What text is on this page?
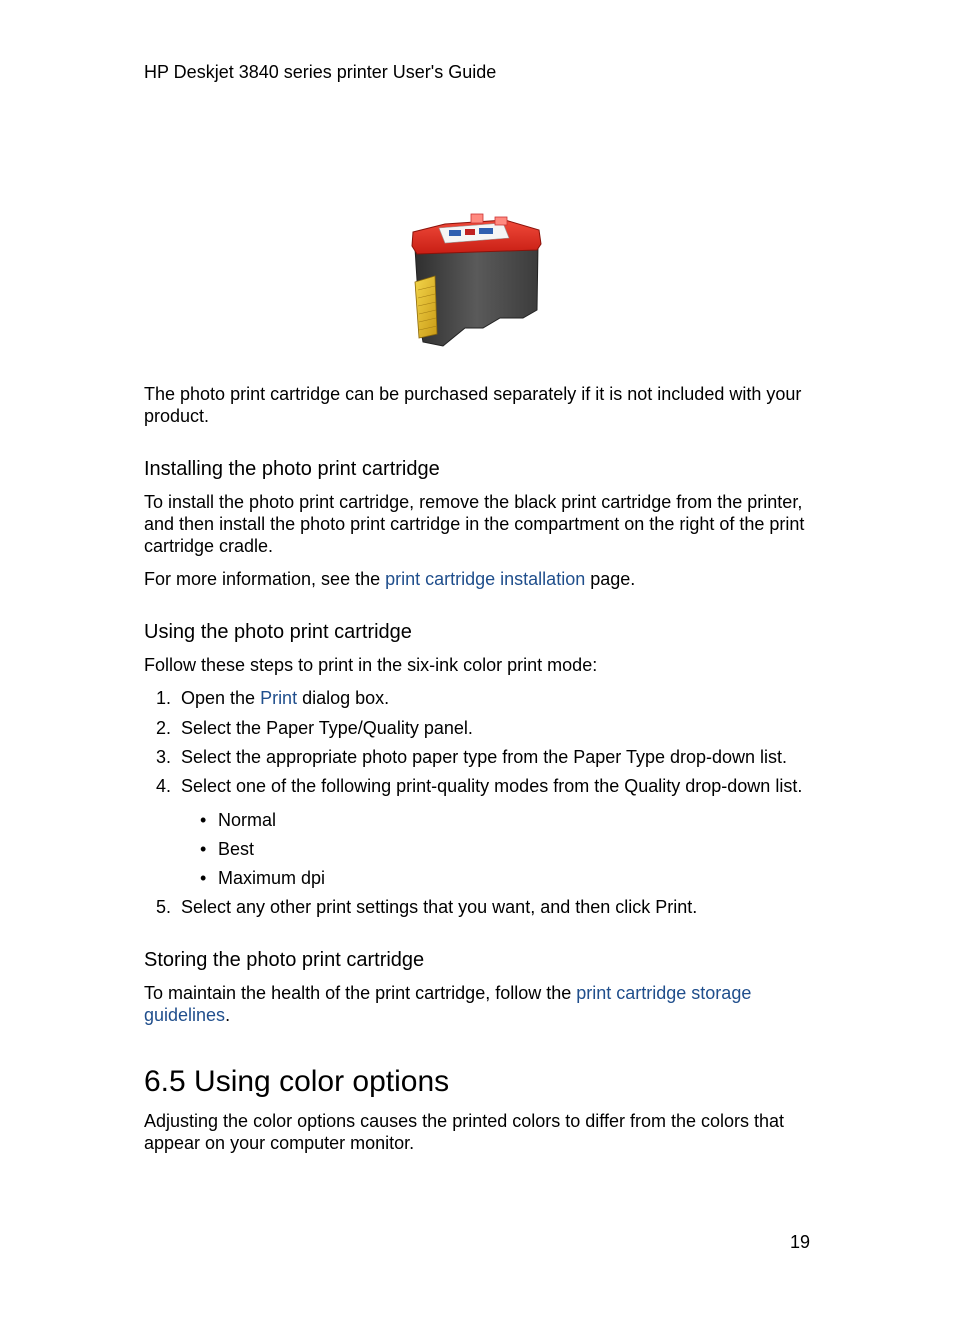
HP Deskjet 3840 series printer User's Guide
The photo print cartridge can be purchased separately if it is not included with your product.
Installing the photo print cartridge
To install the photo print cartridge, remove the black print cartridge from the printer, and then install the photo print cartridge in the compartment on the right of the print cartridge cradle.
For more information, see the print cartridge installation page.
Using the photo print cartridge
Follow these steps to print in the six-ink color print mode:
1. Open the Print dialog box.
2. Select the Paper Type/Quality panel.
3. Select the appropriate photo paper type from the Paper Type drop-down list.
4. Select one of the following print-quality modes from the Quality drop-down list.
• Normal
• Best
• Maximum dpi
5. Select any other print settings that you want, and then click Print.
Storing the photo print cartridge
To maintain the health of the print cartridge, follow the print cartridge storage guidelines.
6.5 Using color options
Adjusting the color options causes the printed colors to differ from the colors that appear on your computer monitor.
19
